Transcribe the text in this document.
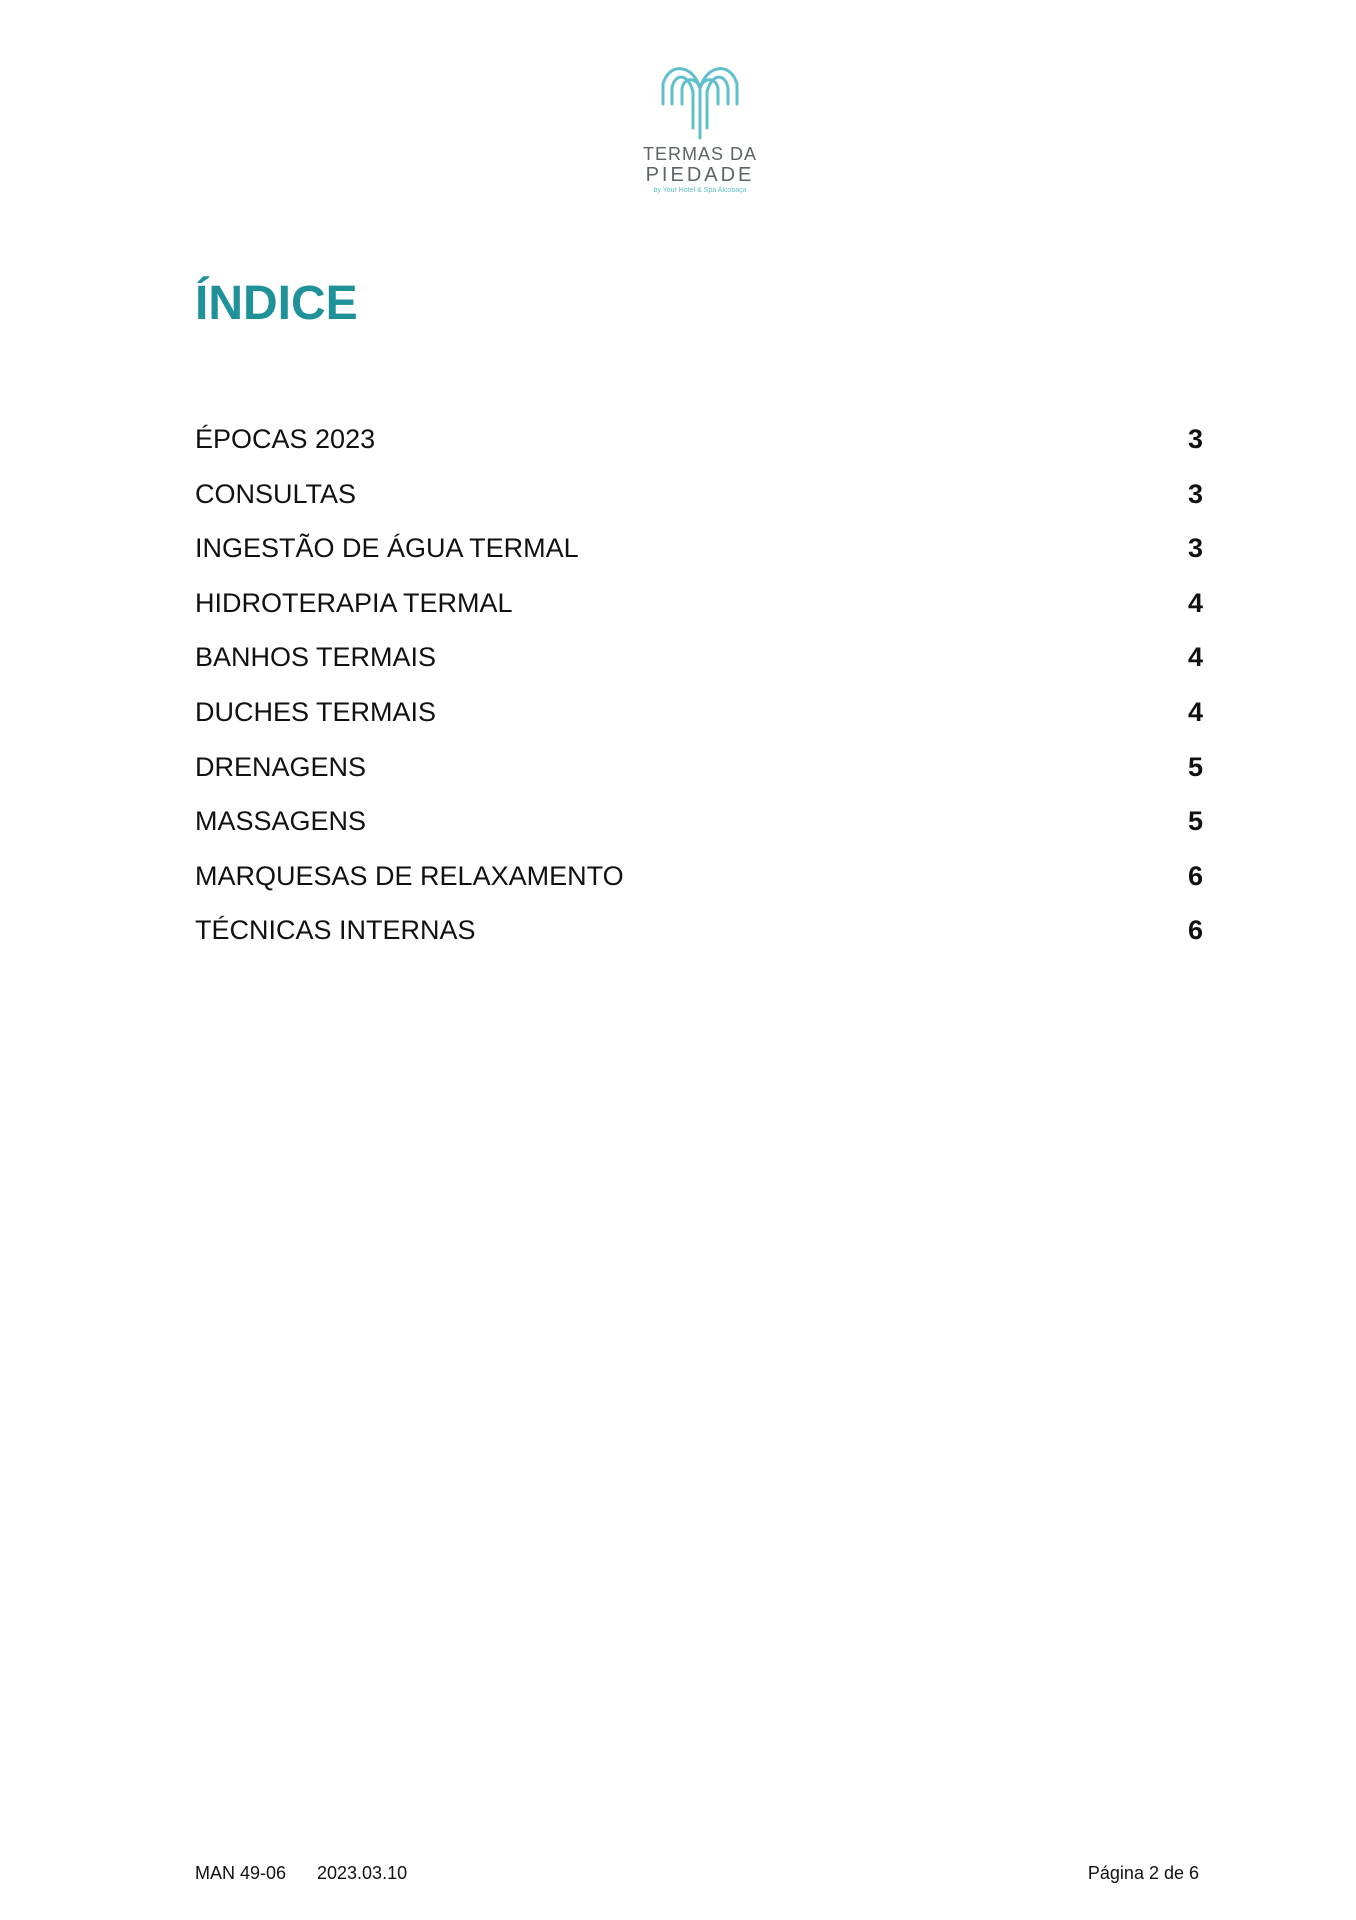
TERMAS DA
PIEDADE
by Your Hotel & Spa Alcobaça
ÍNDICE
ÉPOCAS 2023	3
CONSULTAS	3
INGESTÃO DE ÁGUA TERMAL	3
HIDROTERAPIA TERMAL	4
BANHOS TERMAIS	4
DUCHES TERMAIS	4
DRENAGENS	5
MASSAGENS	5
MARQUESAS DE RELAXAMENTO	6
TÉCNICAS INTERNAS	6
MAN 49-06 2023.03.10	Página 2 de 6
